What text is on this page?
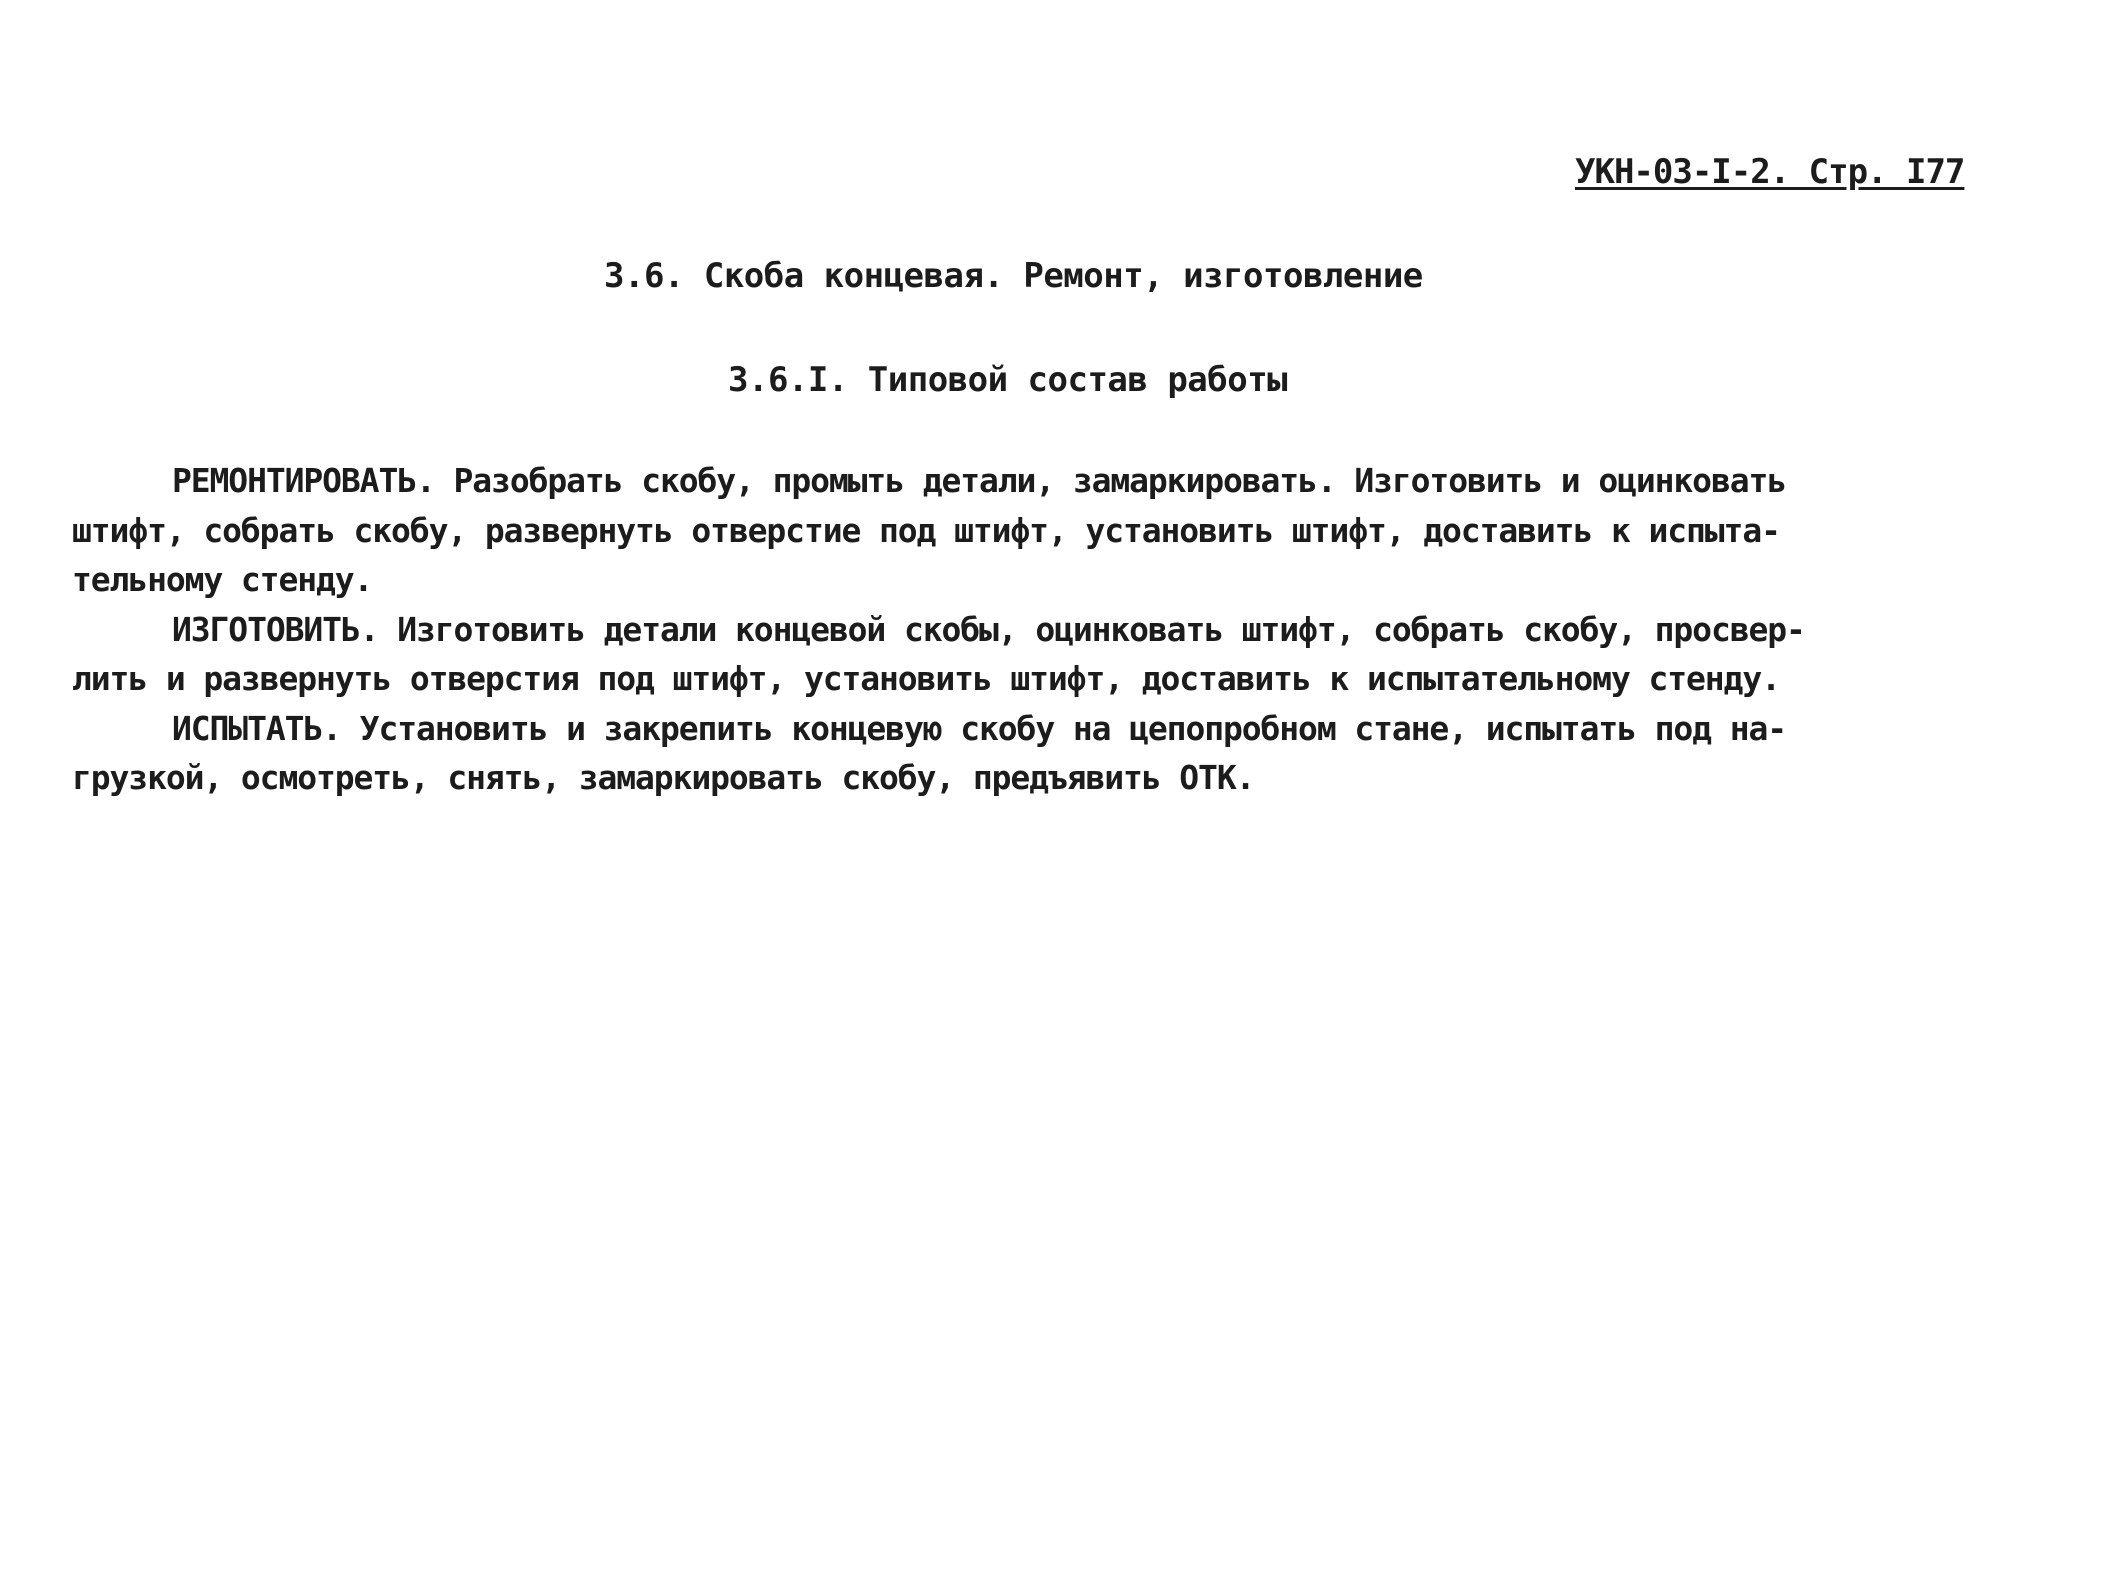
УКН-03-I-2. Стр. I77
3.6. Скоба концевая. Ремонт, изготовление
3.6.I. Типовой состав работы
РЕМОНТИРОВАТЬ. Разобрать скобу, промыть детали, замаркировать. Изготовить и оцинковать
штифт, собрать скобу, развернуть отверстие под штифт, установить штифт, доставить к испыта-
тельному стенду.
ИЗГОТОВИТЬ. Изготовить детали концевой скобы, оцинковать штифт, собрать скобу, просвер-
лить и развернуть отверстия под штифт, установить штифт, доставить к испытательному стенду.
ИСПЫТАТЬ. Установить и закрепить концевую скобу на цепопробном стане, испытать под на-
грузкой, осмотреть, снять, замаркировать скобу, предъявить ОТК.
